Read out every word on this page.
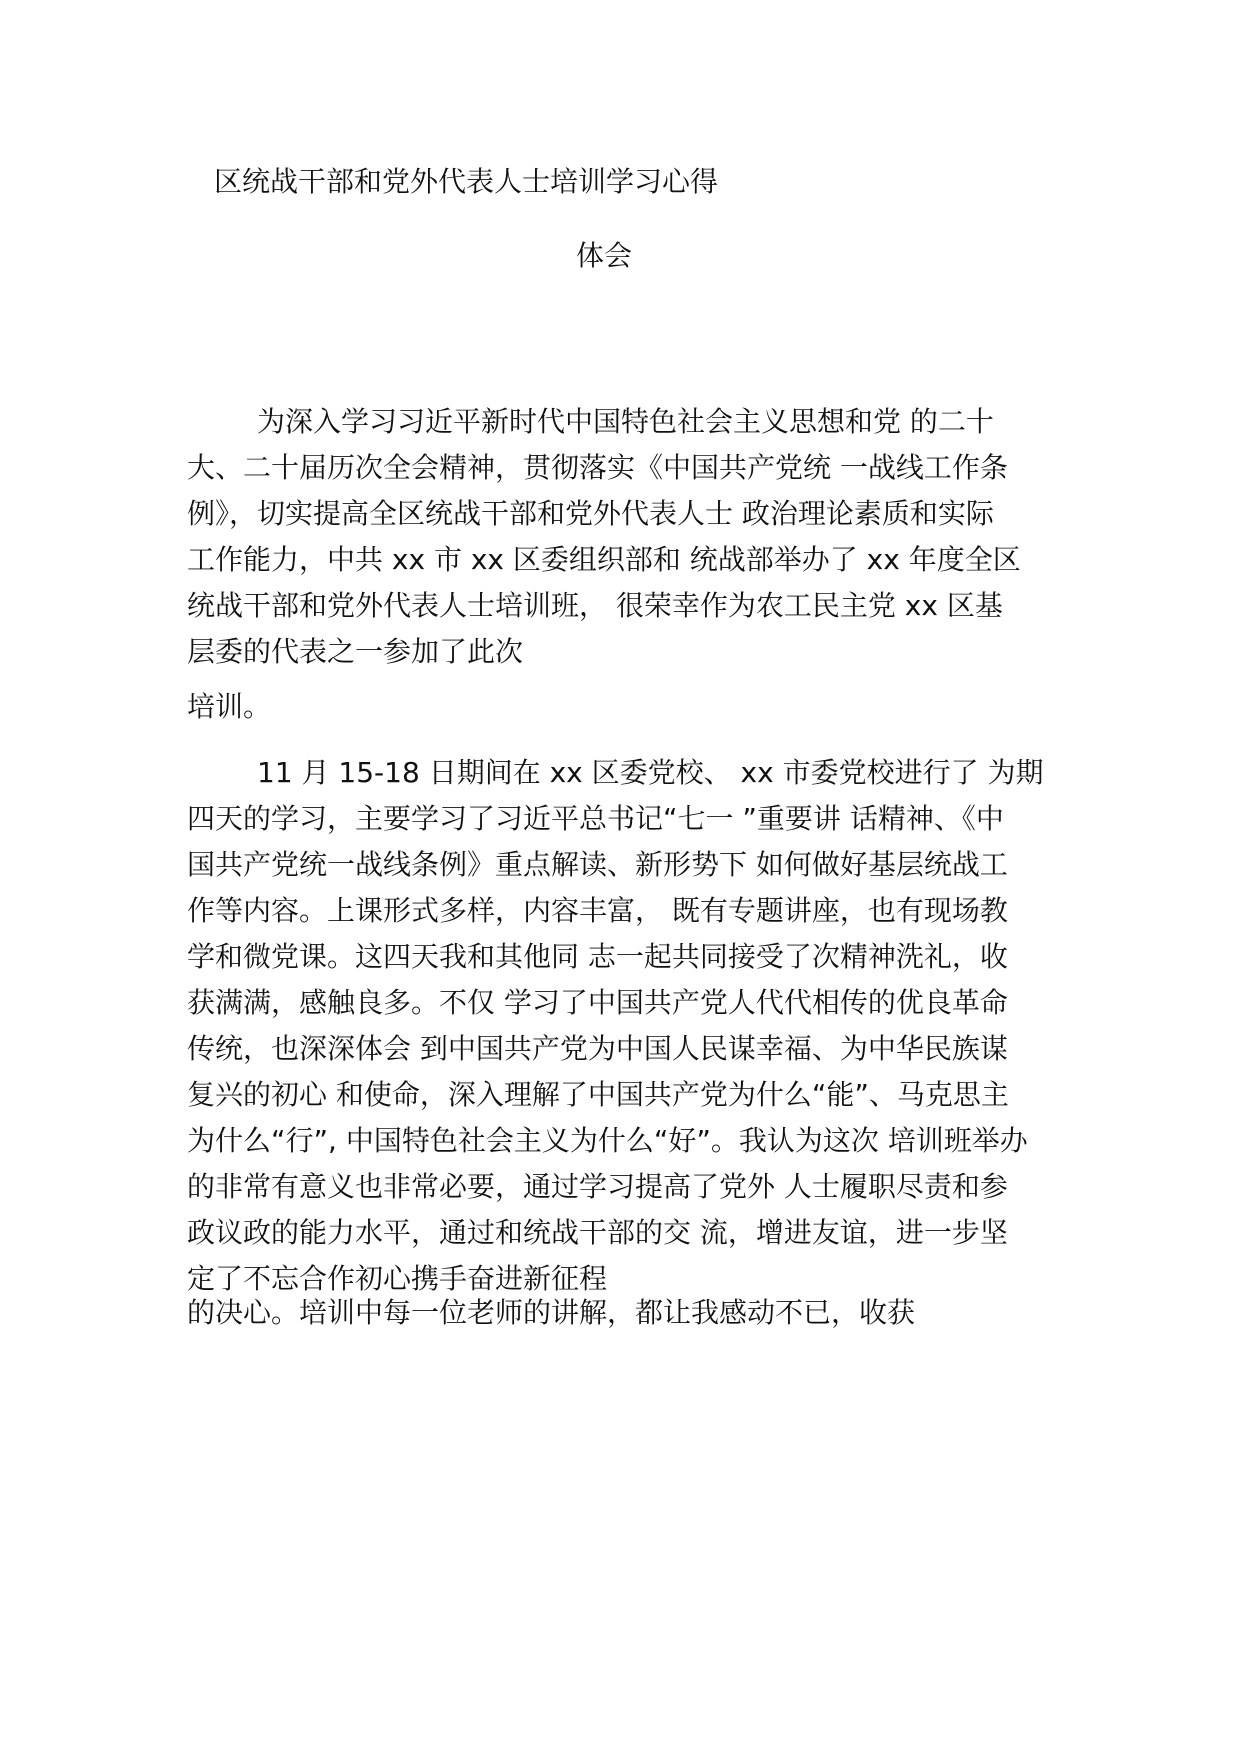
区统战干部和党外代表人士培训学习心得
体会
为深入学习习近平新时代中国特色社会主义思想和党 的二十
大、二十届历次全会精神，贯彻落实《中国共产党统 一战线工作条
例》，切实提高全区统战干部和党外代表人士 政治理论素质和实际
工作能力，中共 xx 市 xx 区委组织部和 统战部举办了 xx 年度全区
统战干部和党外代表人士培训班， 很荣幸作为农工民主党 xx 区基
层委的代表之一参加了此次
培训。
11 月 15-18 日期间在 xx 区委党校、 xx 市委党校进行了 为期
四天的学习，主要学习了习近平总书记“七一 ”重要讲 话精神、《中
国共产党统一战线条例》重点解读、新形势下 如何做好基层统战工
作等内容。上课形式多样，内容丰富， 既有专题讲座，也有现场教
学和微党课。这四天我和其他同 志一起共同接受了次精神洗礼，收
获满满，感触良多。不仅 学习了中国共产党人代代相传的优良革命
传统，也深深体会 到中国共产党为中国人民谋幸福、为中华民族谋
复兴的初心 和使命，深入理解了中国共产党为什么“能”、马克思主
为什么“行”, 中国特色社会主义为什么“好”。我认为这次 培训班举办
的非常有意义也非常必要，通过学习提高了党外 人士履职尽责和参
政议政的能力水平，通过和统战干部的交 流，增进友谊，进一步坚
定了不忘合作初心携手奋进新征程
的决心。培训中每一位老师的讲解，都让我感动不已，收获
